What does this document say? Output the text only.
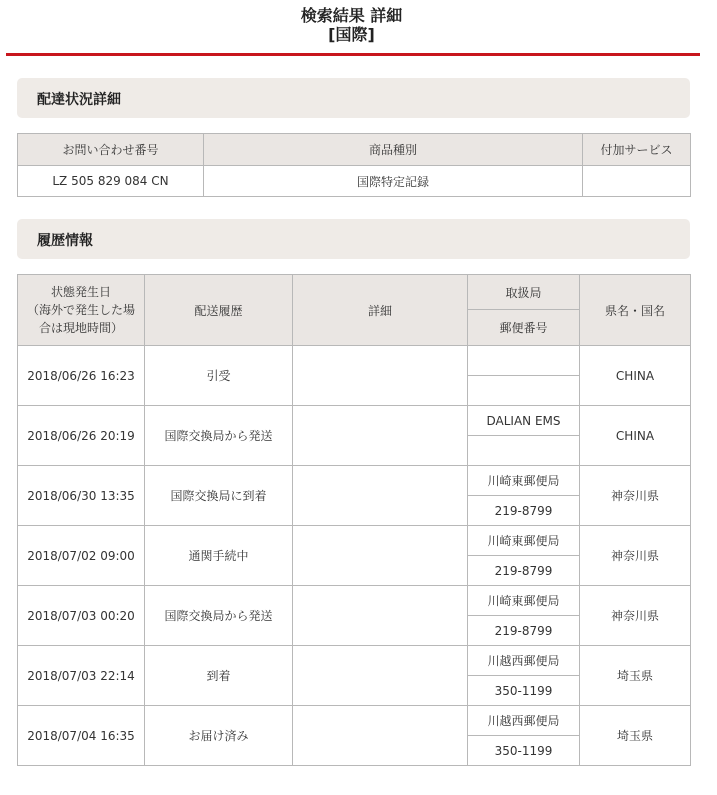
検索結果 詳細
[国際]
配達状況詳細
お問い合わせ番号	商品種別	付加サービス
LZ 505 829 084 CN	国際特定記録	
履歴情報
状態発生日
（海外で発生した場
合は現地時間）	配送履歴	詳細	取扱局	県名・国名
			郵便番号	
2018/06/26 16:23	引受			CHINA

2018/06/26 20:19	国際交換局から発送		DALIAN EMS	CHINA

2018/06/30 13:35	国際交換局に到着		川崎東郵便局	神奈川県
			219-8799	
2018/07/02 09:00	通関手続中		川崎東郵便局	神奈川県
			219-8799	
2018/07/03 00:20	国際交換局から発送		川崎東郵便局	神奈川県
			219-8799	
2018/07/03 22:14	到着		川越西郵便局	埼玉県
			350-1199	
2018/07/04 16:35	お届け済み		川越西郵便局	埼玉県
			350-1199	
